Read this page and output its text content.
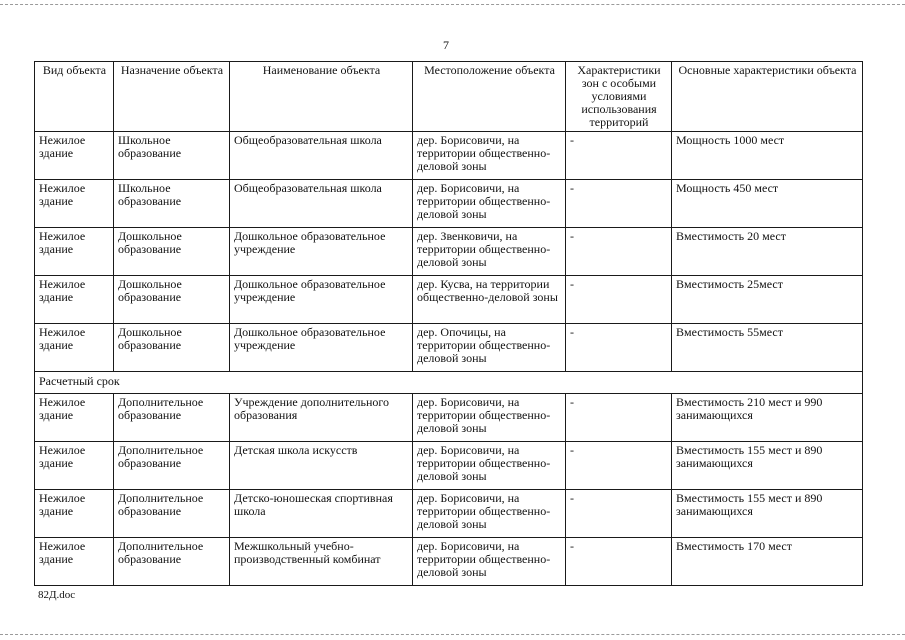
7
Вид объекта	Назначение объекта	Наименование объекта	Местоположение объекта	Характеристики зон с особыми условиями использования территорий	Основные характеристики объекта
Нежилое здание	Школьное образование	Общеобразовательная школа	дер. Борисовичи, на территории общественно-деловой зоны	-	Мощность 1000 мест
Нежилое здание	Школьное образование	Общеобразовательная школа	дер. Борисовичи, на территории общественно-деловой зоны	-	Мощность 450 мест
Нежилое здание	Дошкольное образование	Дошкольное образовательное учреждение	дер. Звенковичи, на территории общественно-деловой зоны	-	Вместимость 20 мест
Нежилое здание	Дошкольное образование	Дошкольное образовательное учреждение	дер. Кусва, на территории общественно-деловой зоны	-	Вместимость 25мест
Нежилое здание	Дошкольное образование	Дошкольное образовательное учреждение	дер. Опочицы, на территории общественно-деловой зоны	-	Вместимость 55мест
Расчетный срок					
Нежилое здание	Дополнительное образование	Учреждение дополнительного образования	дер. Борисовичи, на территории общественно-деловой зоны	-	Вместимость 210 мест и 990 занимающихся
Нежилое здание	Дополнительное образование	Детская школа искусств	дер. Борисовичи, на территории общественно-деловой зоны	-	Вместимость 155 мест и 890 занимающихся
Нежилое здание	Дополнительное образование	Детско-юношеская спортивная школа	дер. Борисовичи, на территории общественно-деловой зоны	-	Вместимость 155 мест и 890 занимающихся
Нежилое здание	Дополнительное образование	Межшкольный учебно-производственный комбинат	дер. Борисовичи, на территории общественно-деловой зоны	-	Вместимость 170 мест
82Д.doc
